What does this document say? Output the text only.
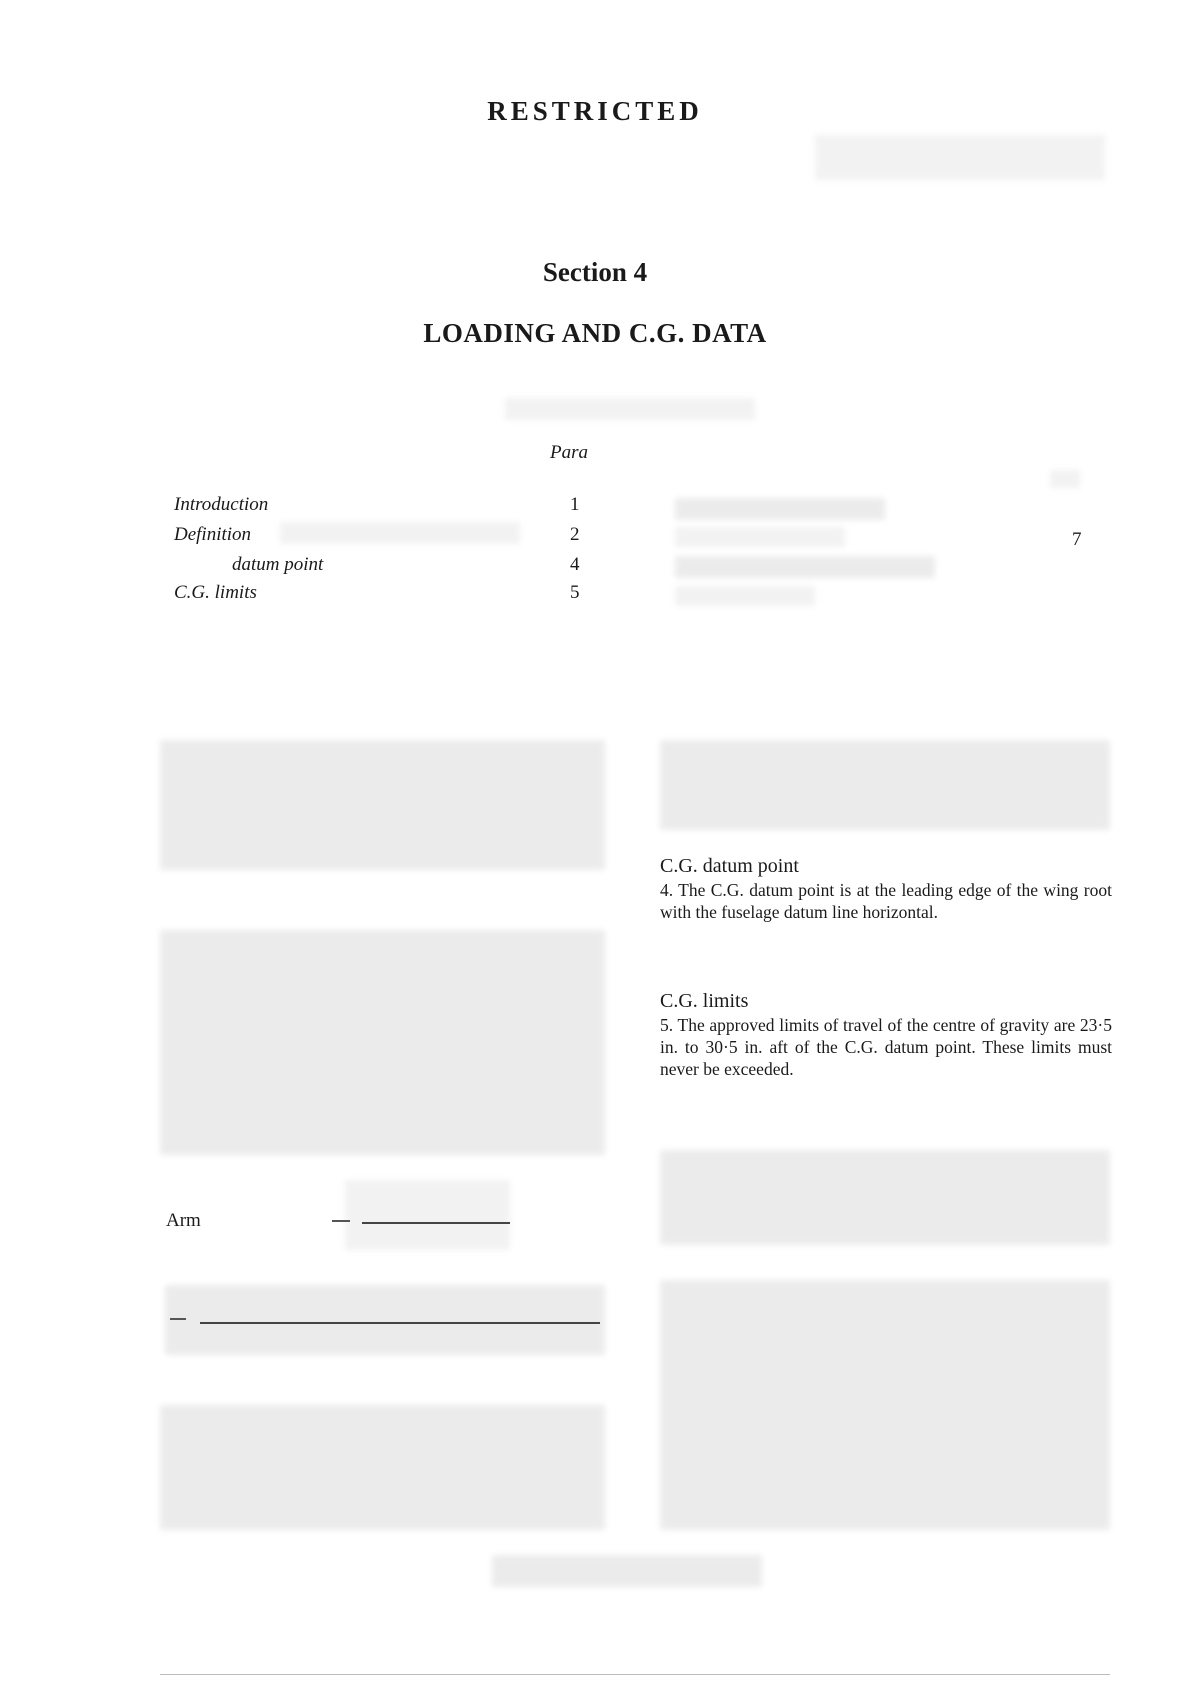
RESTRICTED
Section 4
LOADING AND C.G. DATA
Para
Introduction	1
Definition	2
datum point	4
C.G. limits	5
7
C.G. datum point

4. The C.G. datum point is at the leading edge of the wing root with the fuselage datum line horizontal.

C.G. limits

5. The approved limits of travel of the centre of gravity are 23·5 in. to 30·5 in. aft of the C.G. datum point. These limits must never be exceeded.

Arm
